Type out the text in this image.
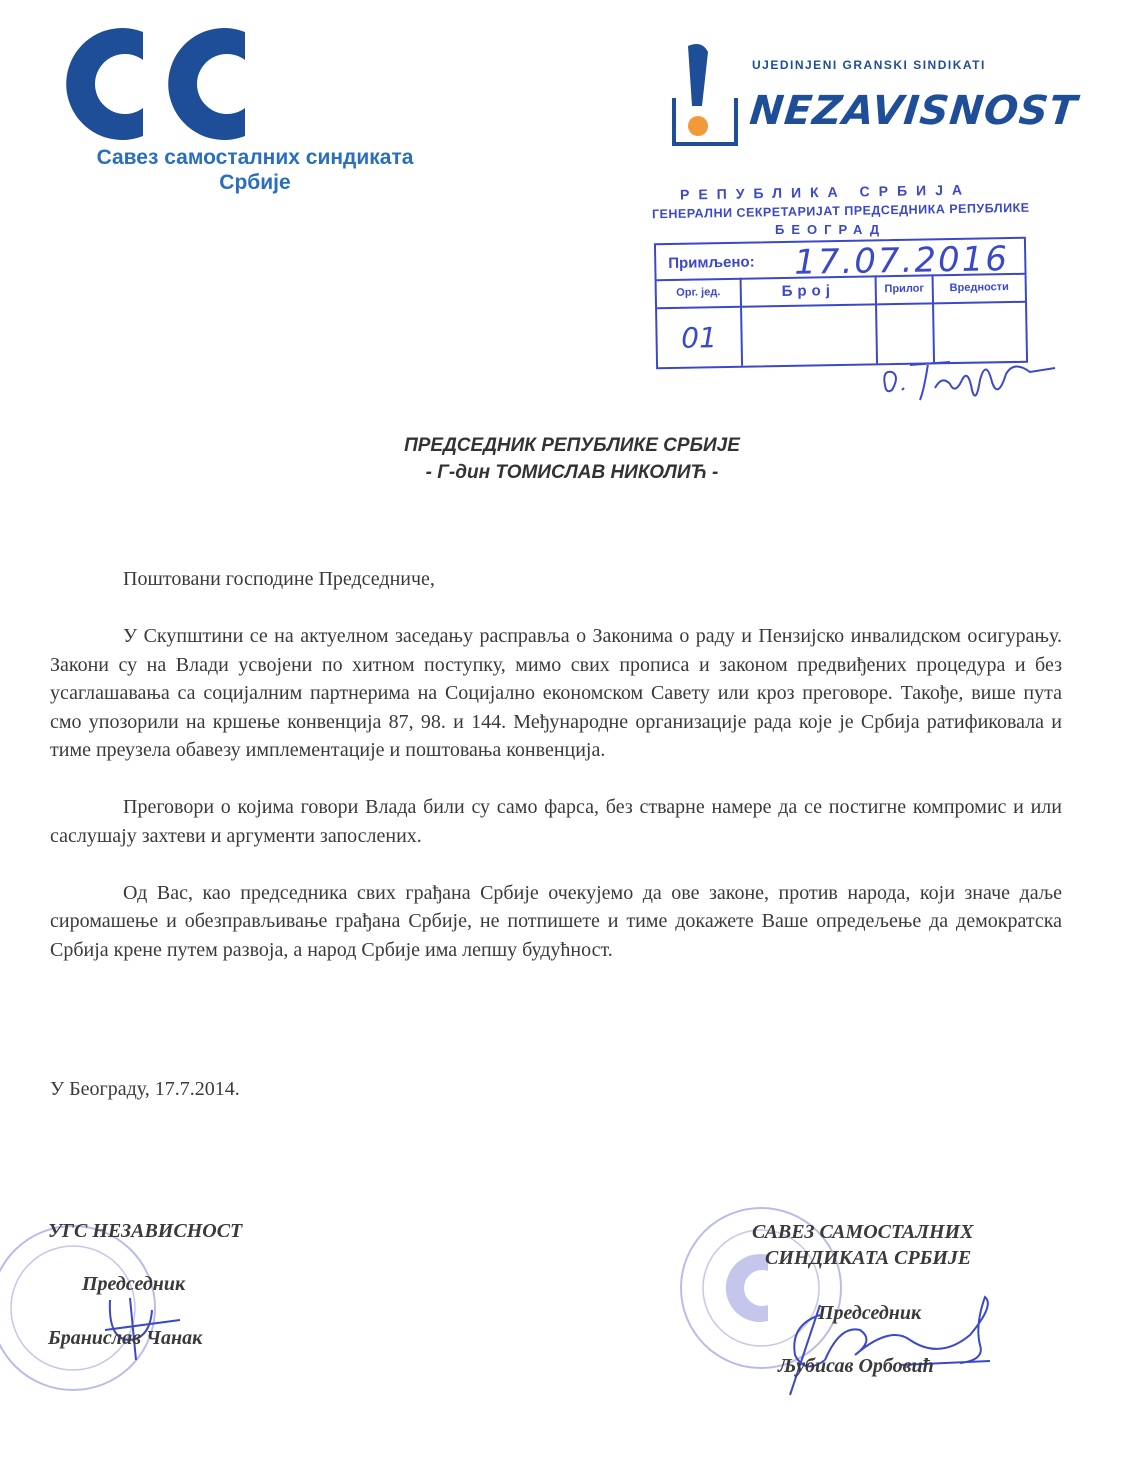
Савез самосталних синдиката
Србије
UJEDINJENI GRANSKI SINDIKATI
NEZAVISNOST
РЕПУБЛИКА СРБИЈА
ГЕНЕРАЛНИ СЕКРЕТАРИЈАТ ПРЕДСЕДНИКА РЕПУБЛИКЕ
БЕОГРАД
Примљено: 17.07.2016
Орг. јед.	Број	Прилог	Вредности
01
ПРЕДСЕДНИК РЕПУБЛИКЕ СРБИЈЕ
- Г-дин ТОМИСЛАВ НИКОЛИЋ -

Поштовани господине Председниче,

У Скупштини се на актуелном заседању расправља о Законима о раду и Пензијско инвалидском осигурању. Закони су на Влади усвојени по хитном поступку, мимо свих прописа и законом предвиђених процедура и без усаглашавања са социјалним партнерима на Социјално економском Савету или кроз преговоре. Такође, више пута смо упозорили на кршење конвенција 87, 98. и 144. Међународне организације рада које је Србија ратификовала и тиме преузела обавезу имплементације и поштовања конвенција.

Преговори о којима говори Влада били су само фарса, без стварне намере да се постигне компромис и или саслушају захтеви и аргументи запослених.

Од Вас, као председника свих грађана Србије очекујемо да ове законе, против народа, који значе даље сиромашење и обезправљивање грађана Србије, не потпишете и тиме докажете Ваше опредељење да демократска Србија крене путем развоја, а народ Србије има лепшу будућност.

У Београду, 17.7.2014.
УГС НЕЗАВИСНОСТ
Председник
Бранислав Чанак
САВЕЗ САМОСТАЛНИХ
СИНДИКАТА СРБИЈЕ
Председник
Љубисав Орбовић
